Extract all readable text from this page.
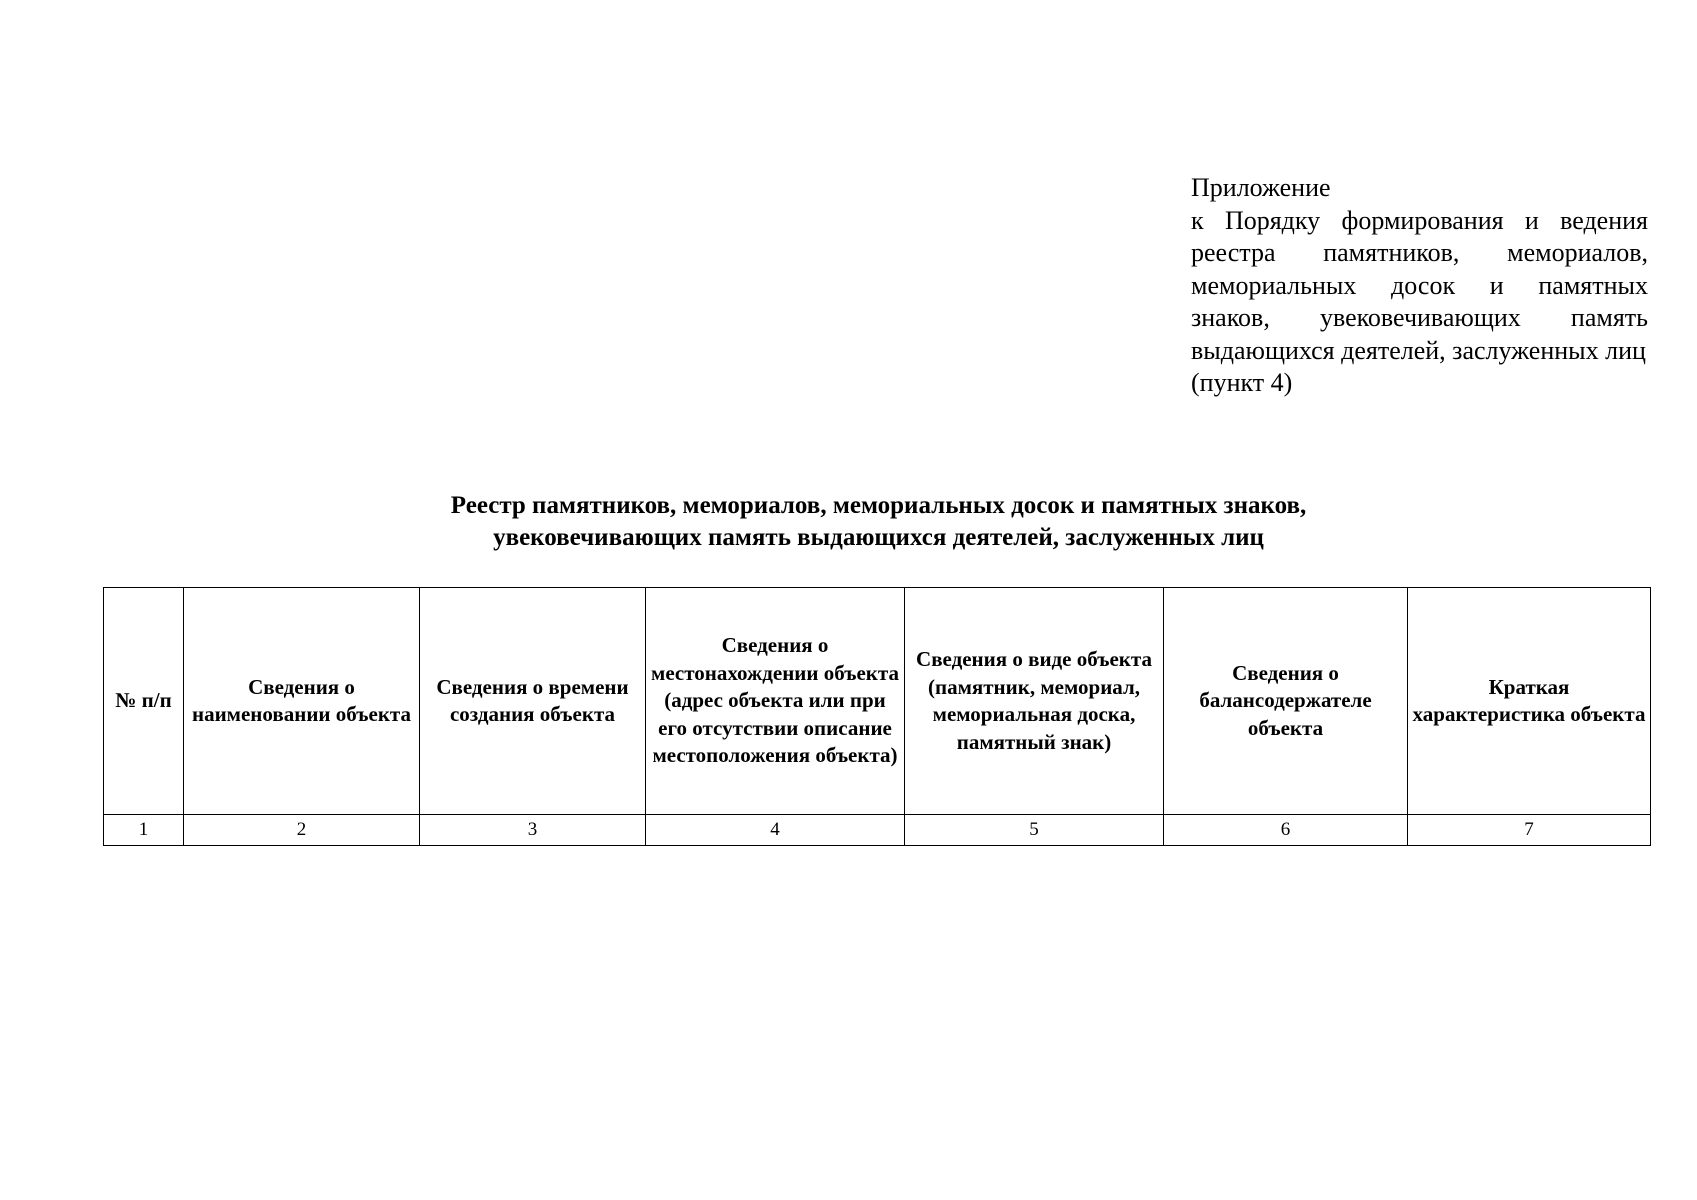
Приложение
к Порядку формирования и ведения реестра памятников, мемориалов, мемориальных досок и памятных знаков, увековечивающих память выдающихся деятелей, заслуженных лиц
(пункт 4)
Реестр памятников, мемориалов, мемориальных досок и памятных знаков,
увековечивающих память выдающихся деятелей, заслуженных лиц
№ п/п	Сведения о наименовании объекта	Сведения о времени создания объекта	Сведения о местонахождении объекта (адрес объекта или при его отсутствии описание местоположения объекта)	Сведения о виде объекта (памятник, мемориал, мемориальная доска, памятный знак)	Сведения о балансодержателе объекта	Краткая характеристика объекта
1	2	3	4	5	6	7
